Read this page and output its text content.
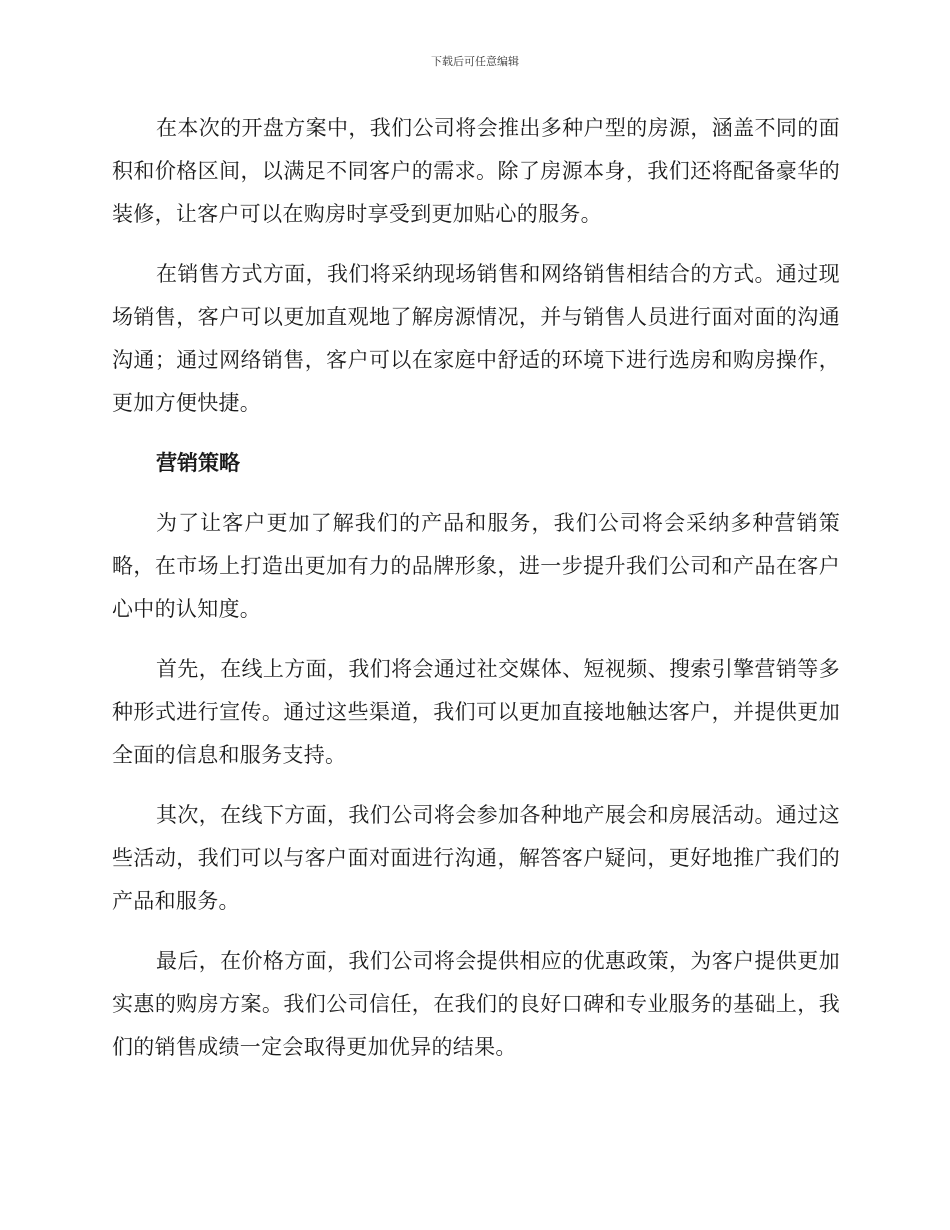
下载后可任意编辑

在本次的开盘方案中，我们公司将会推出多种户型的房源，涵盖不同的面积和价格区间，以满足不同客户的需求。除了房源本身，我们还将配备豪华的装修，让客户可以在购房时享受到更加贴心的服务。

在销售方式方面，我们将采纳现场销售和网络销售相结合的方式。通过现场销售，客户可以更加直观地了解房源情况，并与销售人员进行面对面的沟通沟通；通过网络销售，客户可以在家庭中舒适的环境下进行选房和购房操作，更加方便快捷。

营销策略

为了让客户更加了解我们的产品和服务，我们公司将会采纳多种营销策略，在市场上打造出更加有力的品牌形象，进一步提升我们公司和产品在客户心中的认知度。

首先，在线上方面，我们将会通过社交媒体、短视频、搜索引擎营销等多种形式进行宣传。通过这些渠道，我们可以更加直接地触达客户，并提供更加全面的信息和服务支持。

其次，在线下方面，我们公司将会参加各种地产展会和房展活动。通过这些活动，我们可以与客户面对面进行沟通，解答客户疑问，更好地推广我们的产品和服务。

最后，在价格方面，我们公司将会提供相应的优惠政策，为客户提供更加实惠的购房方案。我们公司信任，在我们的良好口碑和专业服务的基础上，我们的销售成绩一定会取得更加优异的结果。
